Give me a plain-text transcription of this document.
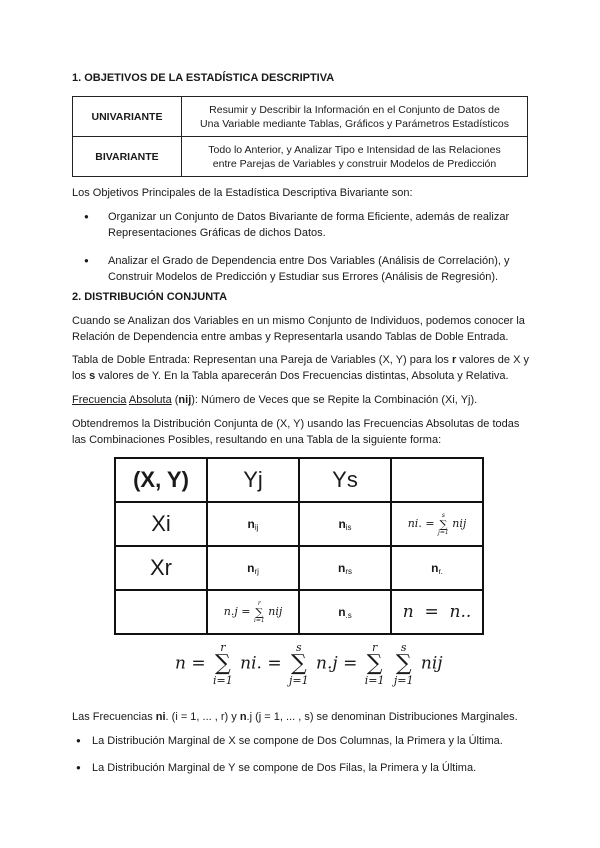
1. OBJETIVOS DE LA ESTADÍSTICA DESCRIPTIVA
UNIVARIANTE	Resumir y Describir la Información en el Conjunto de Datos de
Una Variable mediante Tablas, Gráficos y Parámetros Estadísticos
BIVARIANTE	Todo lo Anterior, y Analizar Tipo e Intensidad de las Relaciones
entre Parejas de Variables y construir Modelos de Predicción

Los Objetivos Principales de la Estadística Descriptiva Bivariante son:

● Organizar un Conjunto de Datos Bivariante de forma Eficiente, además de realizar Representaciones Gráficas de dichos Datos.
● Analizar el Grado de Dependencia entre Dos Variables (Análisis de Correlación), y Construir Modelos de Predicción y Estudiar sus Errores (Análisis de Regresión).
2. DISTRIBUCIÓN CONJUNTA

Cuando se Analizan dos Variables en un mismo Conjunto de Individuos, podemos conocer la Relación de Dependencia entre ambas y Representarla usando Tablas de Doble Entrada.

Tabla de Doble Entrada: Representan una Pareja de Variables (X, Y) para los r valores de X y los s valores de Y. En la Tabla aparecerán Dos Frecuencias distintas, Absoluta y Relativa.

Frecuencia Absoluta (nij): Número de Veces que se Repite la Combinación (Xi, Yj).

Obtendremos la Distribución Conjunta de (X, Y) usando las Frecuencias Absolutas de todas las Combinaciones Posibles, resultando en una Tabla de la siguiente forma:

(X, Y)	Yj	Ys	
Xi	$n_{ij}$	$n_{is}$	ni. =
s
∑
j=1
nij
Xr	$n_{rj}$	$n_{rs}$	$n_{r.}$
	n.j =
r
∑
i=1
nij	$n_{.s}$	n  =  n..
n =
r
∑
i=1
ni. =
s
∑
j=1
n.j =
r
∑
i=1

s
∑
j=1
nij

Las Frecuencias ni. (i = 1, ... , r) y n.j (j = 1, ... , s) se denominan Distribuciones Marginales.

● La Distribución Marginal de X se compone de Dos Columnas, la Primera y la Última.
● La Distribución Marginal de Y se compone de Dos Filas, la Primera y la Última.
